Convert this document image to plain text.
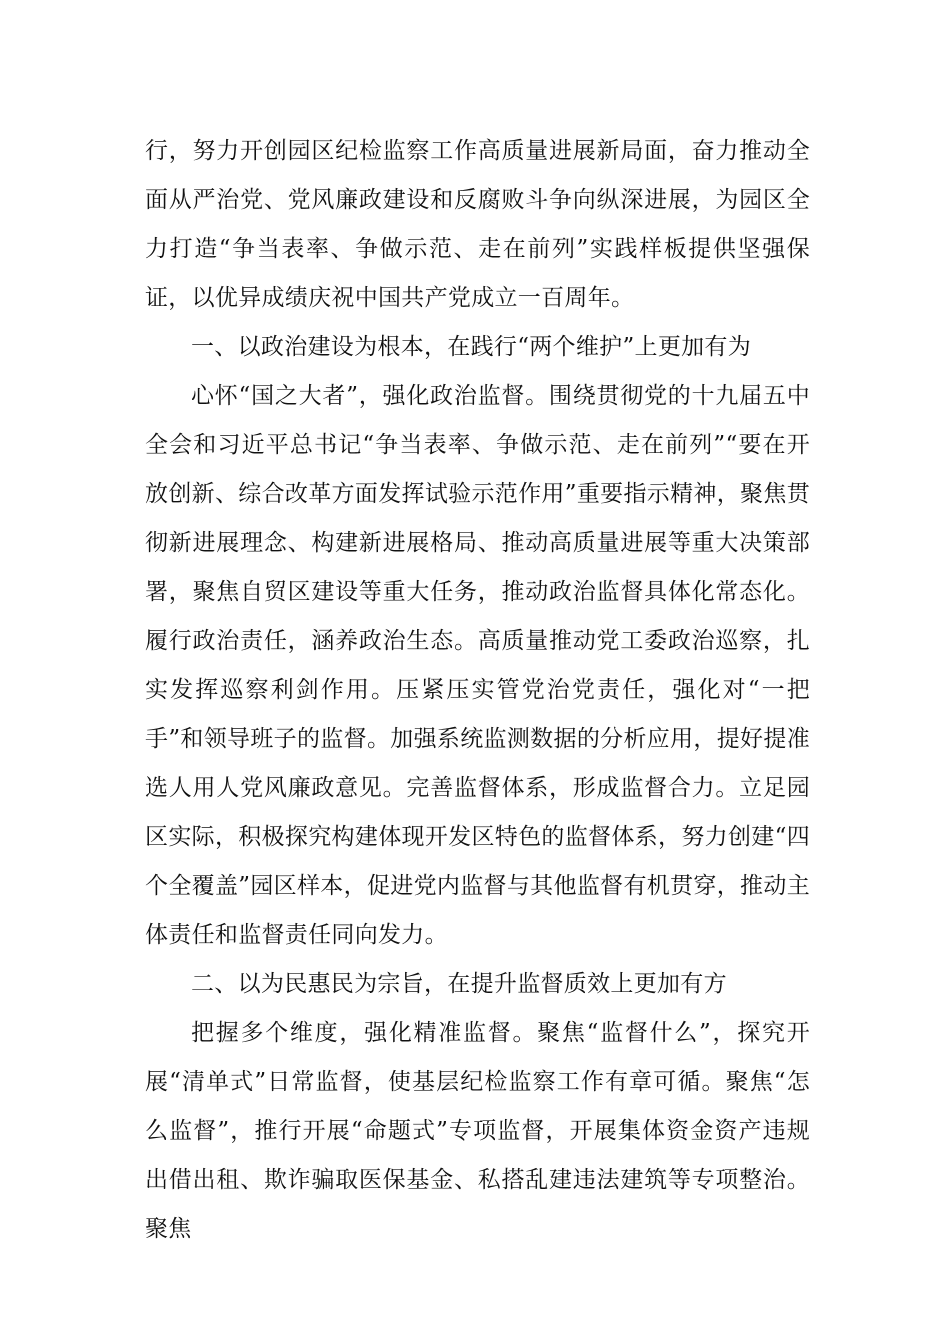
行，努力开创园区纪检监察工作高质量进展新局面，奋力推动全面从严治党、党风廉政建设和反腐败斗争向纵深进展，为园区全力打造“争当表率、争做示范、走在前列”实践样板提供坚强保证，以优异成绩庆祝中国共产党成立一百周年。

一、以政治建设为根本，在践行“两个维护”上更加有为

心怀“国之大者”，强化政治监督。围绕贯彻党的十九届五中全会和习近平总书记“争当表率、争做示范、走在前列”“要在开放创新、综合改革方面发挥试验示范作用”重要指示精神，聚焦贯彻新进展理念、构建新进展格局、推动高质量进展等重大决策部署，聚焦自贸区建设等重大任务，推动政治监督具体化常态化。履行政治责任，涵养政治生态。高质量推动党工委政治巡察，扎实发挥巡察利剑作用。压紧压实管党治党责任，强化对“一把手”和领导班子的监督。加强系统监测数据的分析应用，提好提准选人用人党风廉政意见。完善监督体系，形成监督合力。立足园区实际，积极探究构建体现开发区特色的监督体系，努力创建“四个全覆盖”园区样本，促进党内监督与其他监督有机贯穿，推动主体责任和监督责任同向发力。

二、以为民惠民为宗旨，在提升监督质效上更加有方

把握多个维度，强化精准监督。聚焦“监督什么”，探究开展“清单式”日常监督，使基层纪检监察工作有章可循。聚焦“怎么监督”，推行开展“命题式”专项监督，开展集体资金资产违规出借出租、欺诈骗取医保基金、私搭乱建违法建筑等专项整治。聚焦
